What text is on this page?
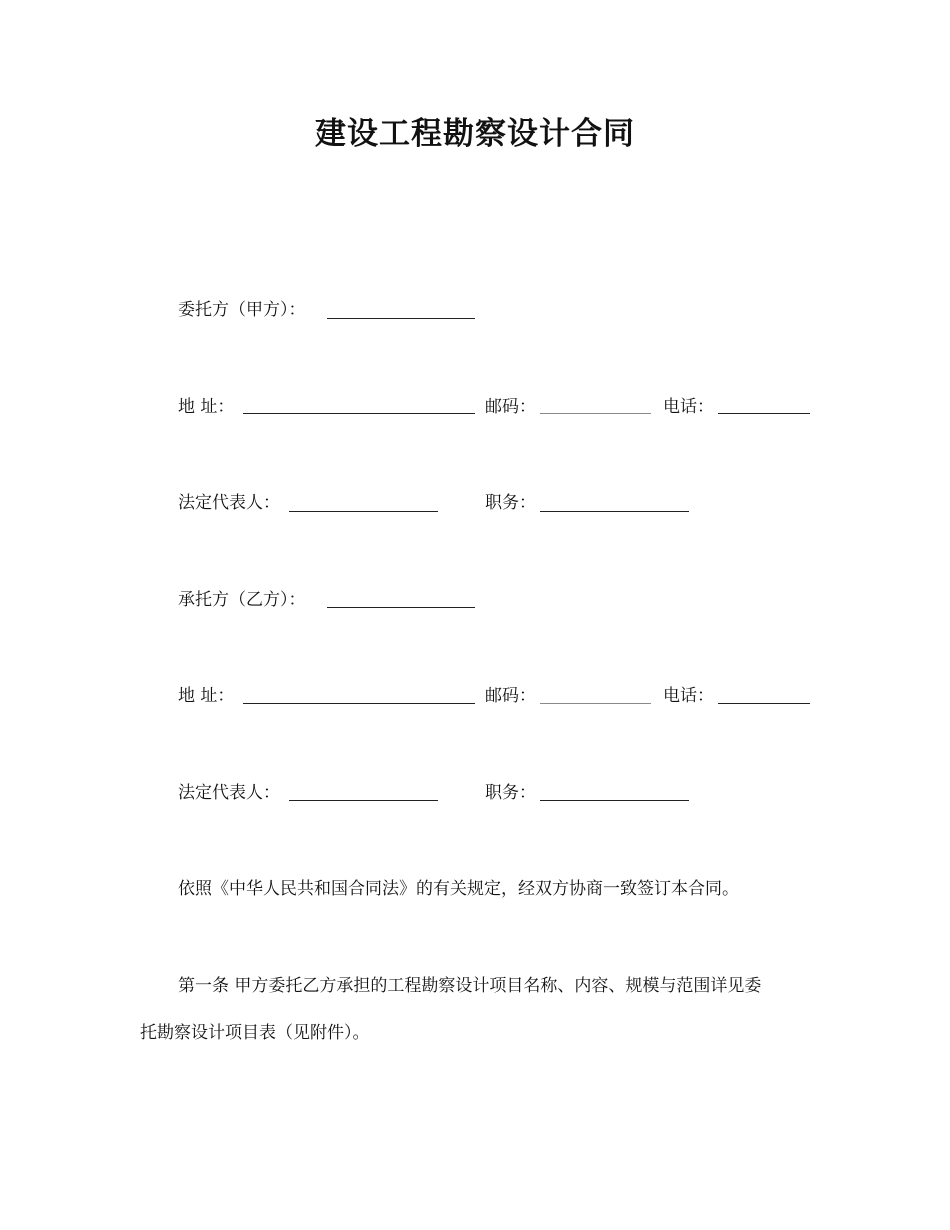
建设工程勘察设计合同
委托方（甲方）：
地 址：	邮码：	电话：
法定代表人：	职务：
承托方（乙方）：
地 址：	邮码：	电话：
法定代表人：	职务：
依照《中华人民共和国合同法》的有关规定，经双方协商一致签订本合同。
第一条 甲方委托乙方承担的工程勘察设计项目名称、内容、规模与范围详见委
托勘察设计项目表（见附件）。
